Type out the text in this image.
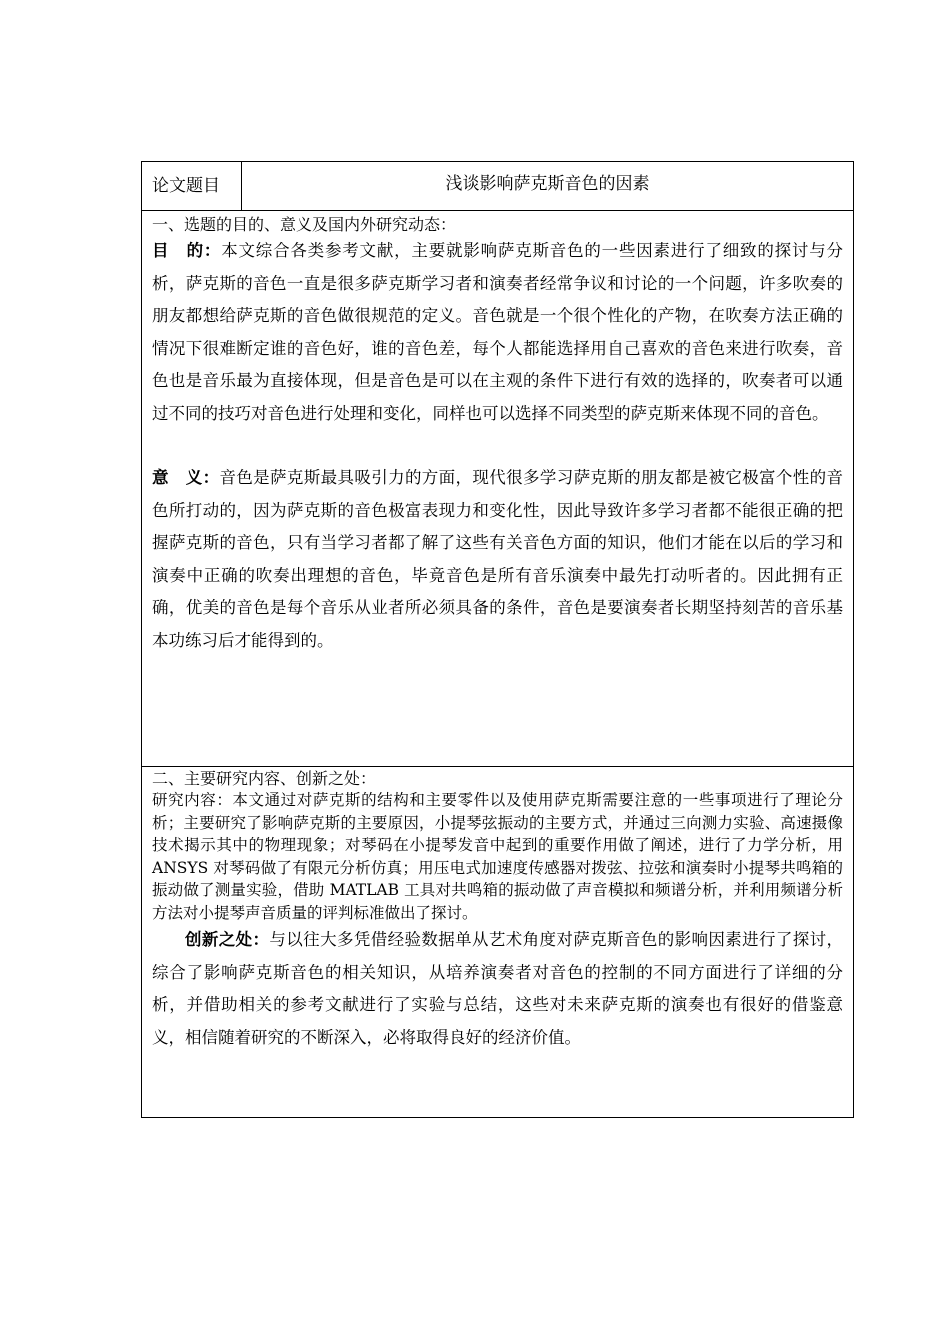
论文题目	浅谈影响萨克斯音色的因素
一、选题的目的、意义及国内外研究动态：

目　的：本文综合各类参考文献，主要就影响萨克斯音色的一些因素进行了细致的探讨与分析，萨克斯的音色一直是很多萨克斯学习者和演奏者经常争议和讨论的一个问题，许多吹奏的朋友都想给萨克斯的音色做很规范的定义。音色就是一个很个性化的产物，在吹奏方法正确的情况下很难断定谁的音色好，谁的音色差，每个人都能选择用自己喜欢的音色来进行吹奏，音色也是音乐最为直接体现，但是音色是可以在主观的条件下进行有效的选择的，吹奏者可以通过不同的技巧对音色进行处理和变化，同样也可以选择不同类型的萨克斯来体现不同的音色。

意　义：音色是萨克斯最具吸引力的方面，现代很多学习萨克斯的朋友都是被它极富个性的音色所打动的，因为萨克斯的音色极富表现力和变化性，因此导致许多学习者都不能很正确的把握萨克斯的音色，只有当学习者都了解了这些有关音色方面的知识，他们才能在以后的学习和演奏中正确的吹奏出理想的音色，毕竟音色是所有音乐演奏中最先打动听者的。因此拥有正确，优美的音色是每个音乐从业者所必须具备的条件，音色是要演奏者长期坚持刻苦的音乐基本功练习后才能得到的。

二、主要研究内容、创新之处：

研究内容：本文通过对萨克斯的结构和主要零件以及使用萨克斯需要注意的一些事项进行了理论分析；主要研究了影响萨克斯的主要原因，小提琴弦振动的主要方式，并通过三向测力实验、高速摄像技术揭示其中的物理现象；对琴码在小提琴发音中起到的重要作用做了阐述，进行了力学分析，用 ANSYS 对琴码做了有限元分析仿真；用压电式加速度传感器对拨弦、拉弦和演奏时小提琴共鸣箱的振动做了测量实验，借助 MATLAB 工具对共鸣箱的振动做了声音模拟和频谱分析，并利用频谱分析方法对小提琴声音质量的评判标准做出了探讨。

创新之处：与以往大多凭借经验数据单从艺术角度对萨克斯音色的影响因素进行了探讨，综合了影响萨克斯音色的相关知识，从培养演奏者对音色的控制的不同方面进行了详细的分析，并借助相关的参考文献进行了实验与总结，这些对未来萨克斯的演奏也有很好的借鉴意义，相信随着研究的不断深入，必将取得良好的经济价值。
